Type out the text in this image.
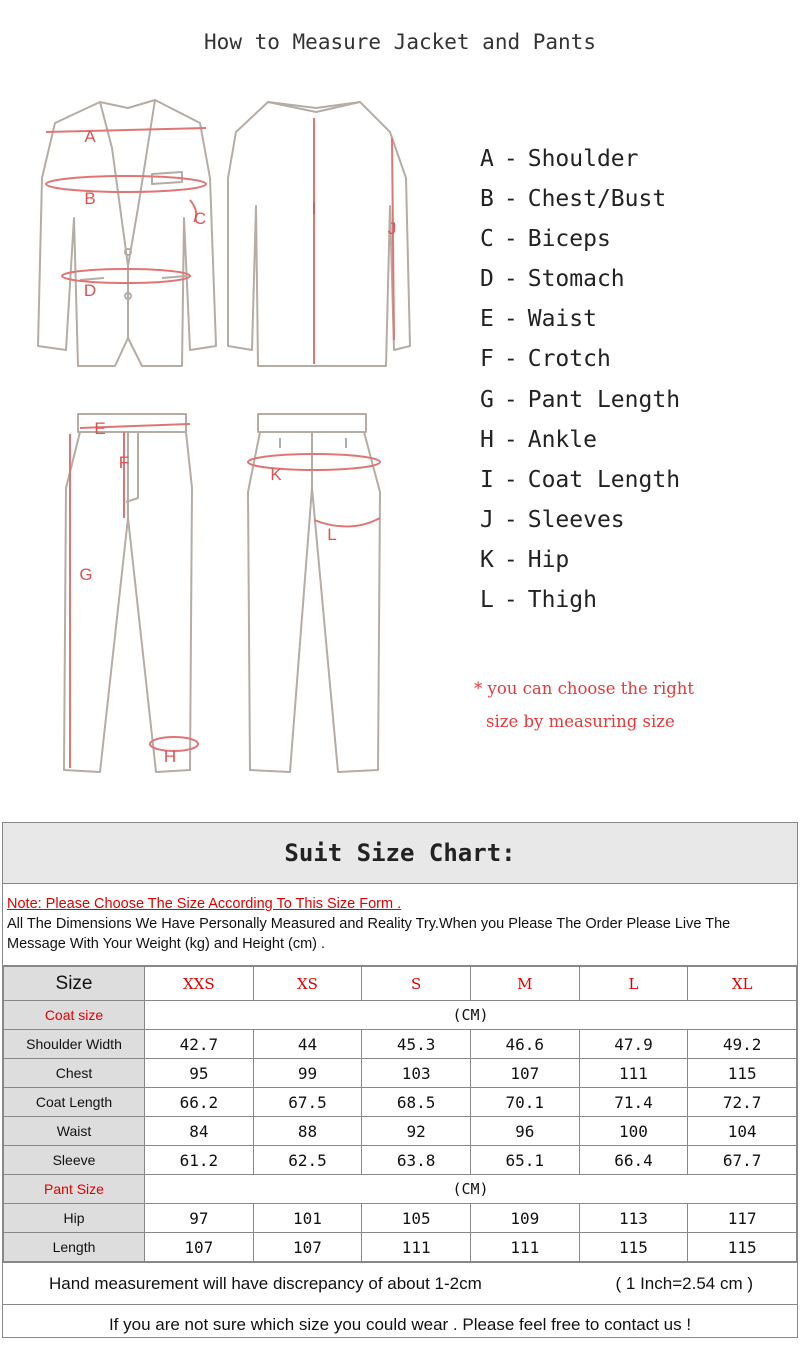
How to Measure Jacket and Pants
A
B
C
D
I
J
E
F
G
H
K
L
A - Shoulder
B - Chest/Bust
C - Biceps
D - Stomach
E - Waist
F - Crotch
G - Pant Length
H - Ankle
I - Coat Length
J - Sleeves
K - Hip
L - Thigh
* you can choose the right
size by measuring size
Suit Size Chart:
Note: Please Choose The Size According To This Size Form .
All The Dimensions We Have Personally Measured and Reality Try.When you Please The Order Please Live The Message With Your Weight (kg) and Height (cm) .
Size	XXS	XS	S	M	L	XL
Coat size	(CM)					
Shoulder Width	42.7	44	45.3	46.6	47.9	49.2
Chest	95	99	103	107	111	115
Coat Length	66.2	67.5	68.5	70.1	71.4	72.7
Waist	84	88	92	96	100	104
Sleeve	61.2	62.5	63.8	65.1	66.4	67.7
Pant Size	(CM)					
Hip	97	101	105	109	113	117
Length	107	107	111	111	115	115
Hand measurement will have discrepancy of about 1-2cm	( 1 Inch=2.54 cm )
If you are not sure which size you could wear . Please feel free to contact us !
